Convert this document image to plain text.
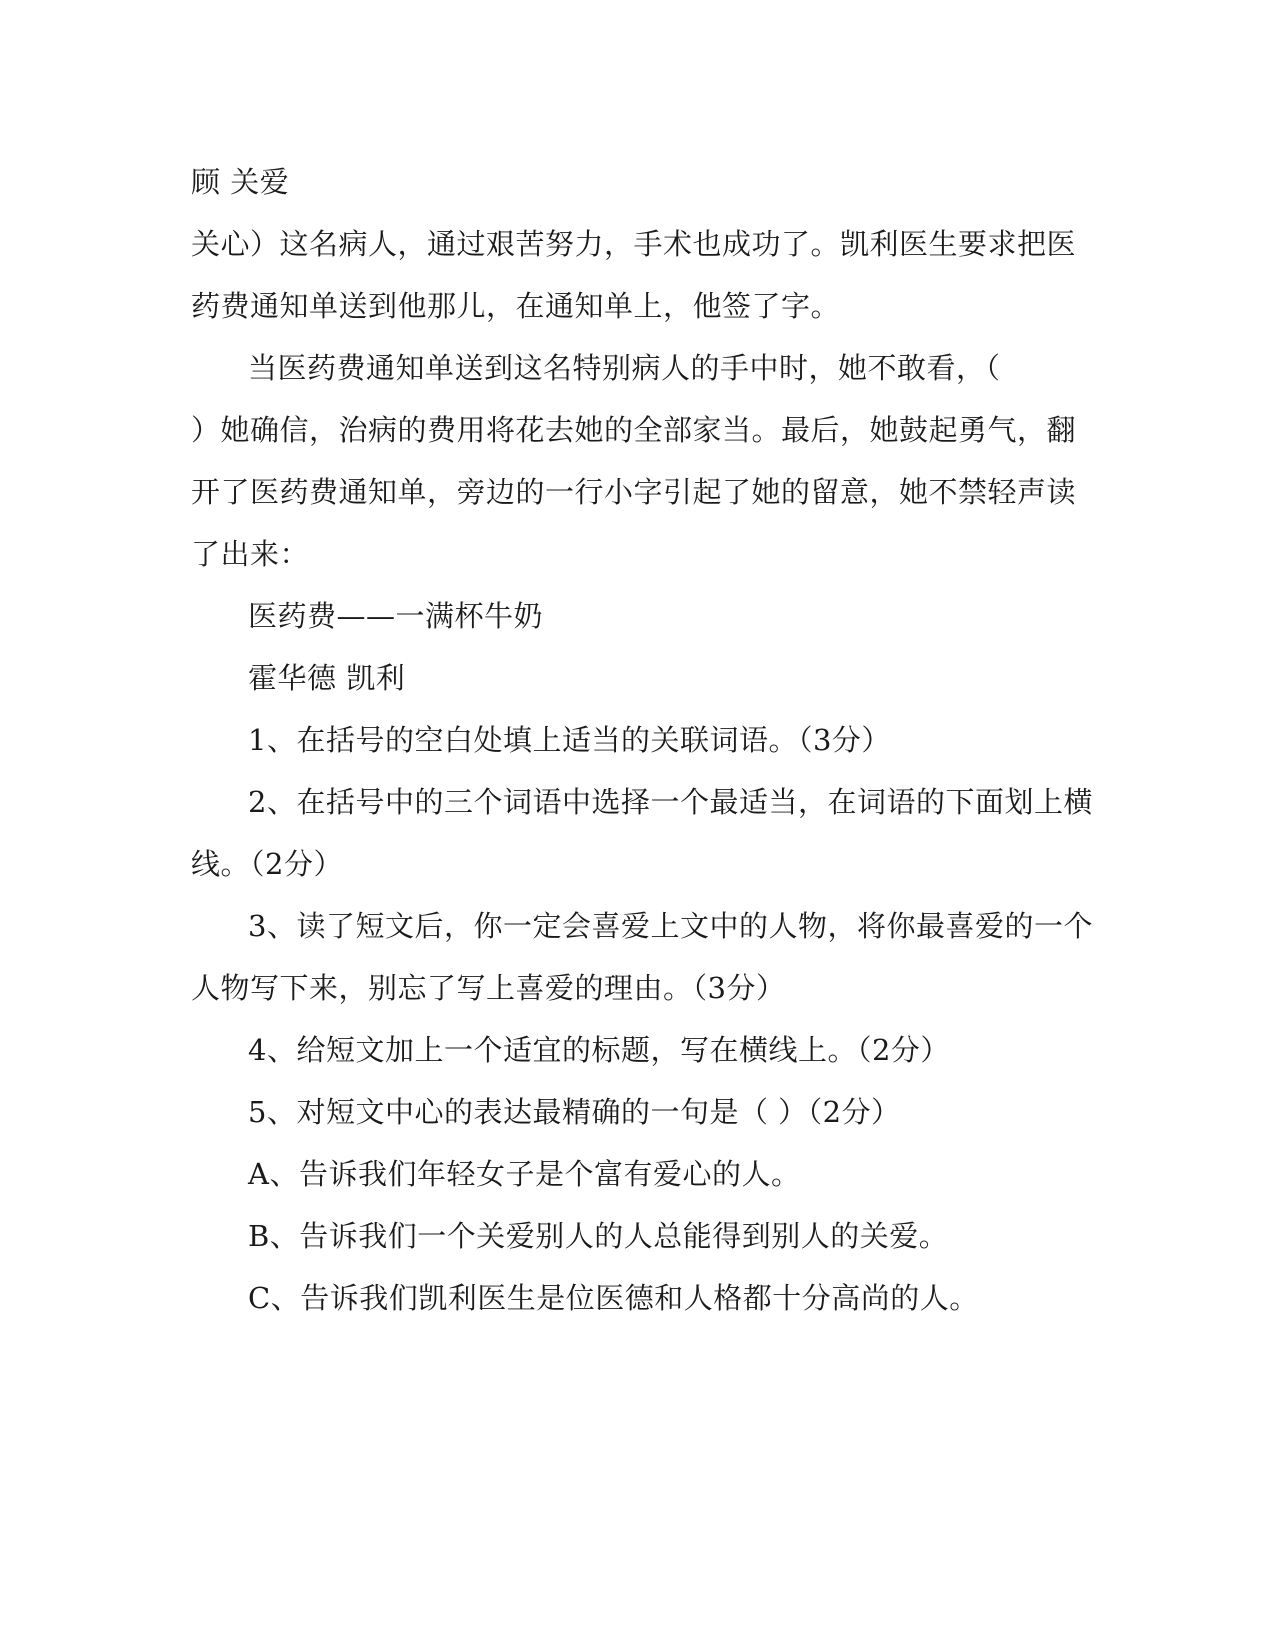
顾 关爱
关心）这名病人，通过艰苦努力，手术也成功了。凯利医生要求把医
药费通知单送到他那儿，在通知单上，他签了字。
当医药费通知单送到这名特别病人的手中时，她不敢看，（
）她确信，治病的费用将花去她的全部家当。最后，她鼓起勇气，翻
开了医药费通知单，旁边的一行小字引起了她的留意，她不禁轻声读
了出来：
医药费——一满杯牛奶
霍华德 凯利
1、在括号的空白处填上适当的关联词语。（3分）
2、在括号中的三个词语中选择一个最适当，在词语的下面划上横
线。（2分）
3、读了短文后，你一定会喜爱上文中的人物，将你最喜爱的一个
人物写下来，别忘了写上喜爱的理由。（3分）
4、给短文加上一个适宜的标题，写在横线上。（2分）
5、对短文中心的表达最精确的一句是（ ）（2分）
A、告诉我们年轻女子是个富有爱心的人。
B、告诉我们一个关爱别人的人总能得到别人的关爱。
C、告诉我们凯利医生是位医德和人格都十分高尚的人。
